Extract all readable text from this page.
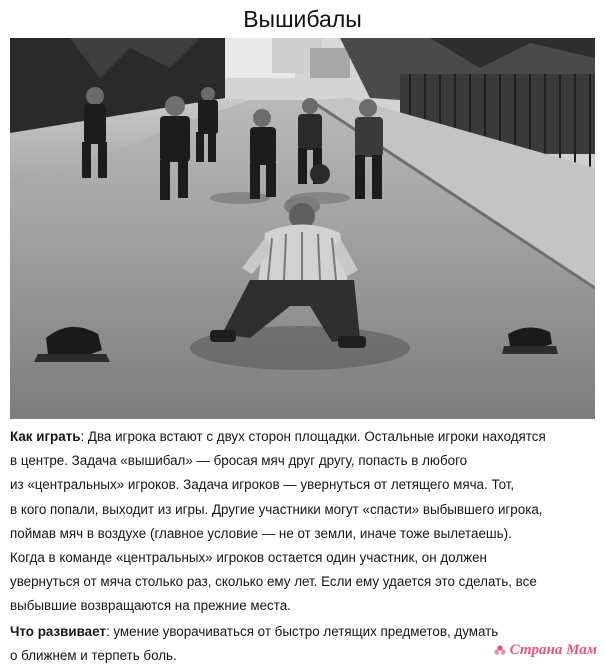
Вышибалы

Как играть: Два игрока встают с двух сторон площадки. Остальные игроки находятся
в центре. Задача «вышибал» — бросая мяч друг другу, попасть в любого
из «центральных» игроков. Задача игроков — увернуться от летящего мяча. Тот,
в кого попали, выходит из игры. Другие участники могут «спасти» выбывшего игрока,
поймав мяч в воздухе (главное условие — не от земли, иначе тоже вылетаешь).
Когда в команде «центральных» игроков остается один участник, он должен
увернуться от мяча столько раз, сколько ему лет. Если ему удается это сделать, все
выбывшие возвращаются на прежние места.

Что развивает: умение уворачиваться от быстро летящих предметов, думать
о ближнем и терпеть боль.	Страна Мам
